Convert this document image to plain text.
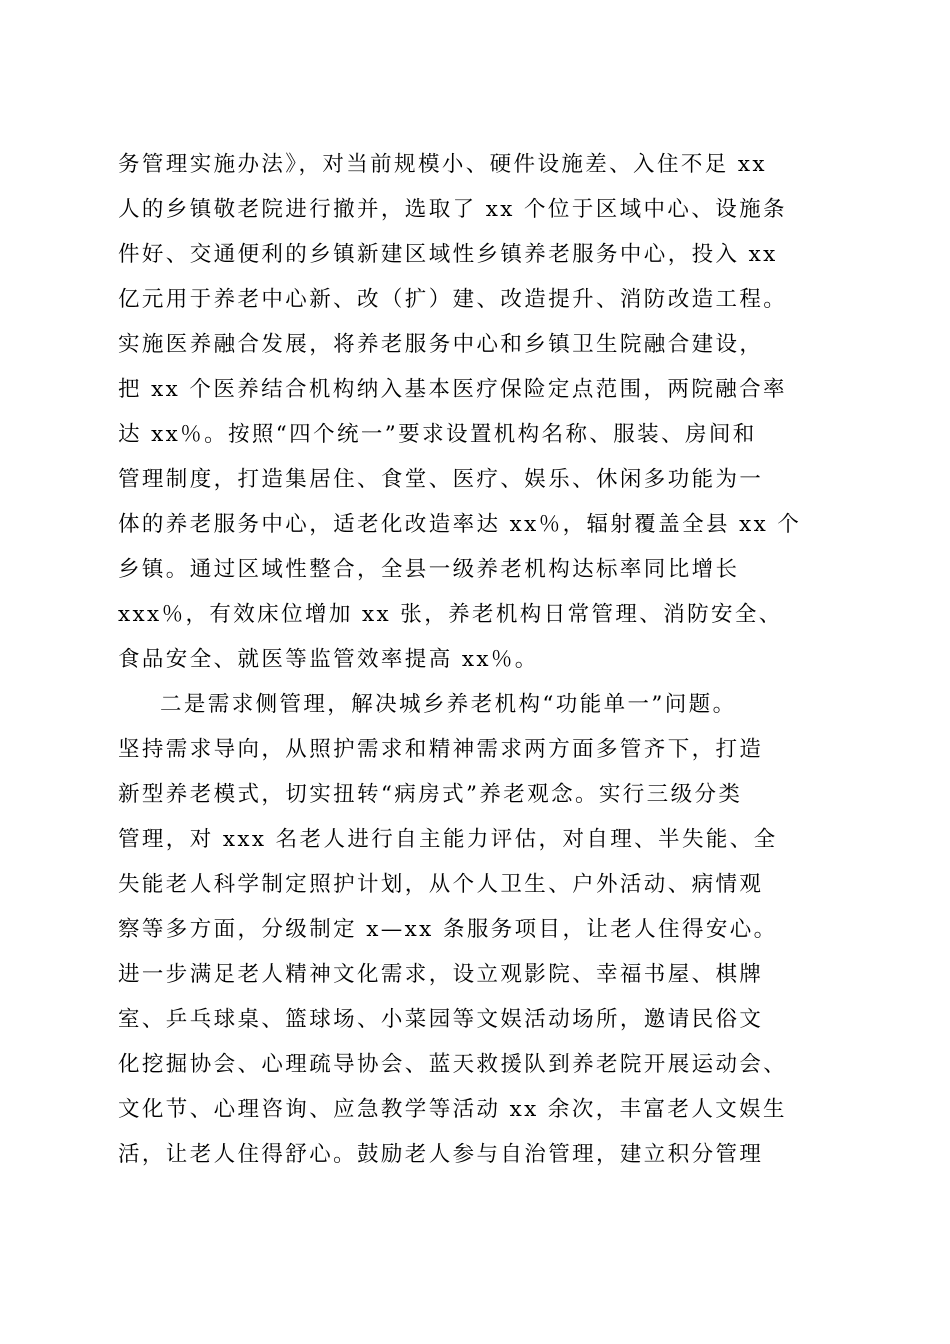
务管理实施办法》，对当前规模小、硬件设施差、入住不足 xx
人的乡镇敬老院进行撤并，选取了 xx 个位于区域中心、设施条
件好、交通便利的乡镇新建区域性乡镇养老服务中心，投入 xx
亿元用于养老中心新、改（扩）建、改造提升、消防改造工程。
实施医养融合发展，将养老服务中心和乡镇卫生院融合建设，
把 xx 个医养结合机构纳入基本医疗保险定点范围，两院融合率
达 xx％。按照“四个统一”要求设置机构名称、服装、房间和
管理制度，打造集居住、食堂、医疗、娱乐、休闲多功能为一
体的养老服务中心，适老化改造率达 xx％，辐射覆盖全县 xx 个
乡镇。通过区域性整合，全县一级养老机构达标率同比增长
xxx％，有效床位增加 xx 张，养老机构日常管理、消防安全、
食品安全、就医等监管效率提高 xx％。
二是需求侧管理，解决城乡养老机构“功能单一”问题。
坚持需求导向，从照护需求和精神需求两方面多管齐下，打造
新型养老模式，切实扭转“病房式”养老观念。实行三级分类
管理，对 xxx 名老人进行自主能力评估，对自理、半失能、全
失能老人科学制定照护计划，从个人卫生、户外活动、病情观
察等多方面，分级制定 x—xx 条服务项目，让老人住得安心。
进一步满足老人精神文化需求，设立观影院、幸福书屋、棋牌
室、乒乓球桌、篮球场、小菜园等文娱活动场所，邀请民俗文
化挖掘协会、心理疏导协会、蓝天救援队到养老院开展运动会、
文化节、心理咨询、应急教学等活动 xx 余次，丰富老人文娱生
活，让老人住得舒心。鼓励老人参与自治管理，建立积分管理
